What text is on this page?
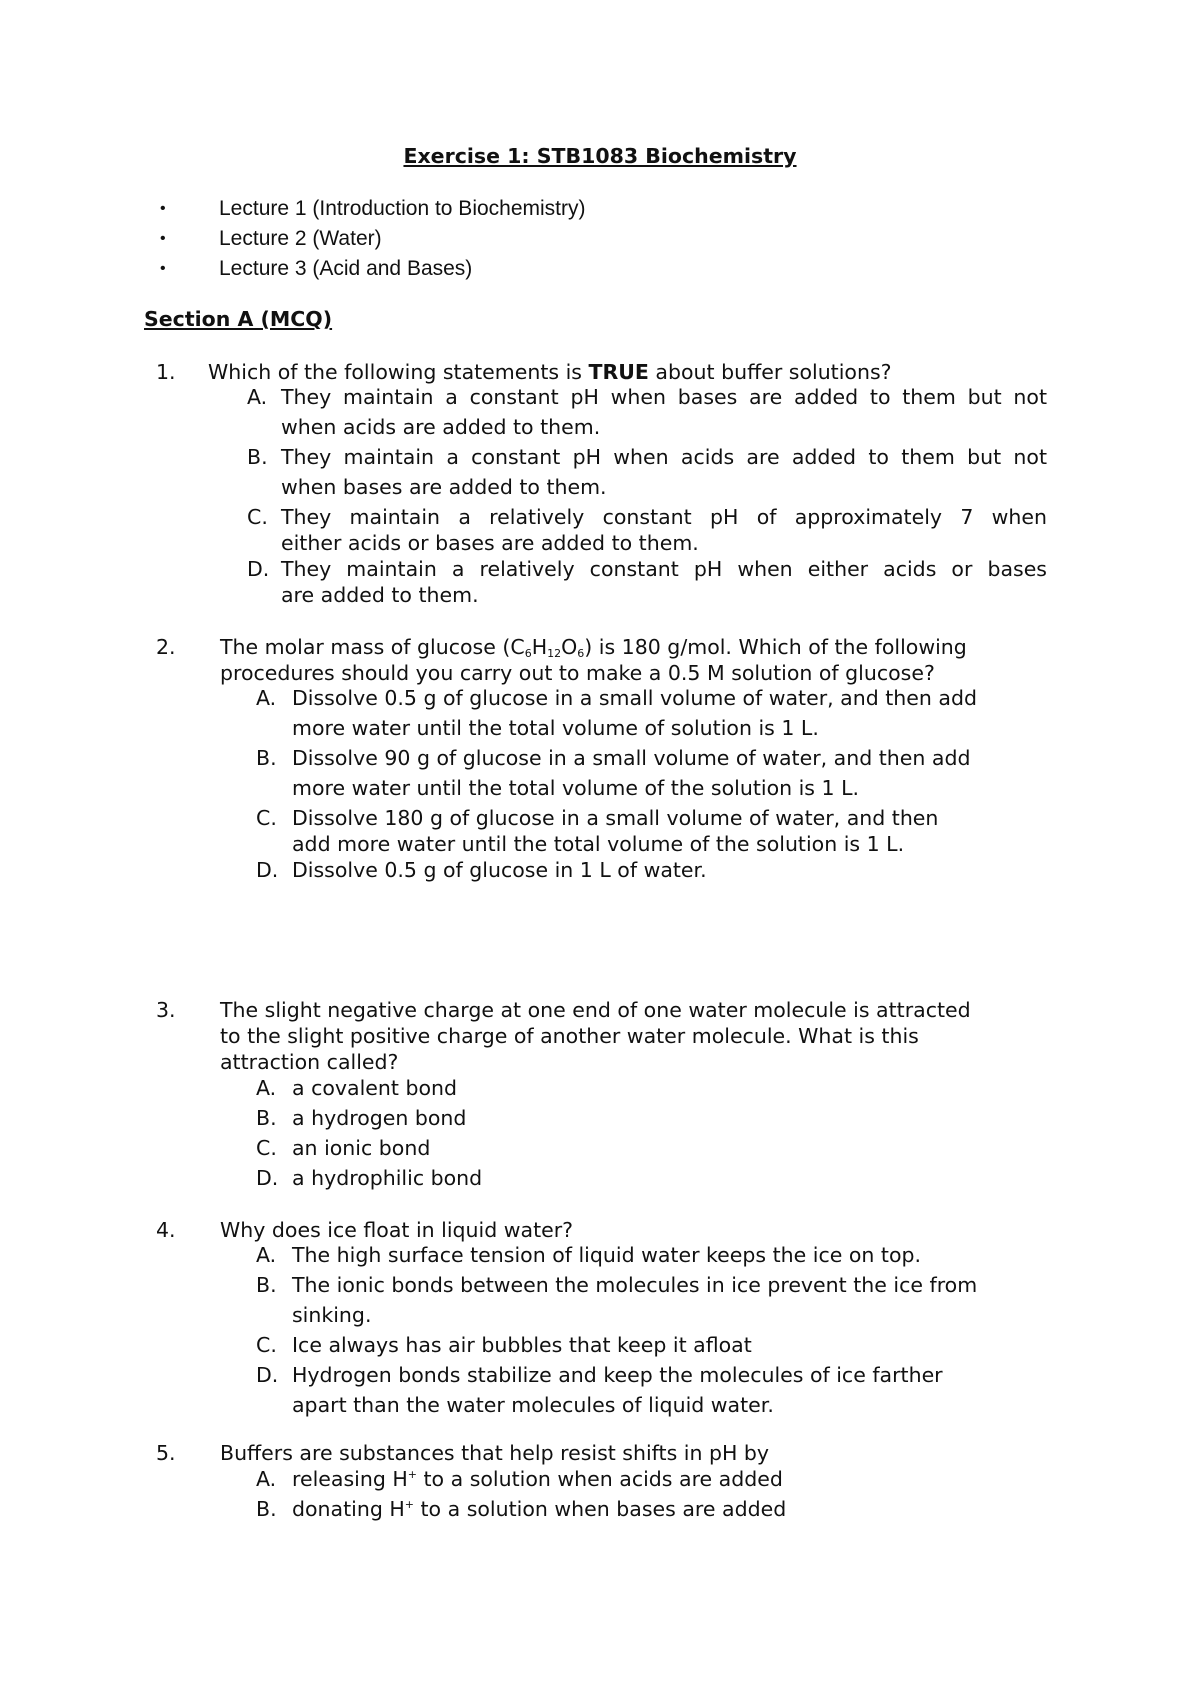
Exercise 1: STB1083 Biochemistry
•	Lecture 1 (Introduction to Biochemistry)
•	Lecture 2 (Water)
•	Lecture 3 (Acid and Bases)
Section A (MCQ)
1. Which of the following statements is TRUE about buffer solutions?
A. They maintain a constant pH when bases are added to them but not
when acids are added to them.
B. They maintain a constant pH when acids are added to them but not
when bases are added to them.
C. They maintain a relatively constant pH of approximately 7 when
either acids or bases are added to them.
D. They maintain a relatively constant pH when either acids or bases
are added to them.
2. The molar mass of glucose $(C_6H_{12}O_6)$ is 180 g/mol. Which of the following
procedures should you carry out to make a 0.5 M solution of glucose?
A. Dissolve 0.5 g of glucose in a small volume of water, and then add
more water until the total volume of solution is 1 L.
B. Dissolve 90 g of glucose in a small volume of water, and then add
more water until the total volume of the solution is 1 L.
C. Dissolve 180 g of glucose in a small volume of water, and then
add more water until the total volume of the solution is 1 L.
D. Dissolve 0.5 g of glucose in 1 L of water.
3. The slight negative charge at one end of one water molecule is attracted
to the slight positive charge of another water molecule. What is this
attraction called?
A. a covalent bond
B. a hydrogen bond
C. an ionic bond
D. a hydrophilic bond
4. Why does ice float in liquid water?
A. The high surface tension of liquid water keeps the ice on top.
B. The ionic bonds between the molecules in ice prevent the ice from
sinking.
C. Ice always has air bubbles that keep it afloat
D. Hydrogen bonds stabilize and keep the molecules of ice farther
apart than the water molecules of liquid water.
5. Buffers are substances that help resist shifts in pH by
A. releasing H+ to a solution when acids are added
B. donating H+ to a solution when bases are added
